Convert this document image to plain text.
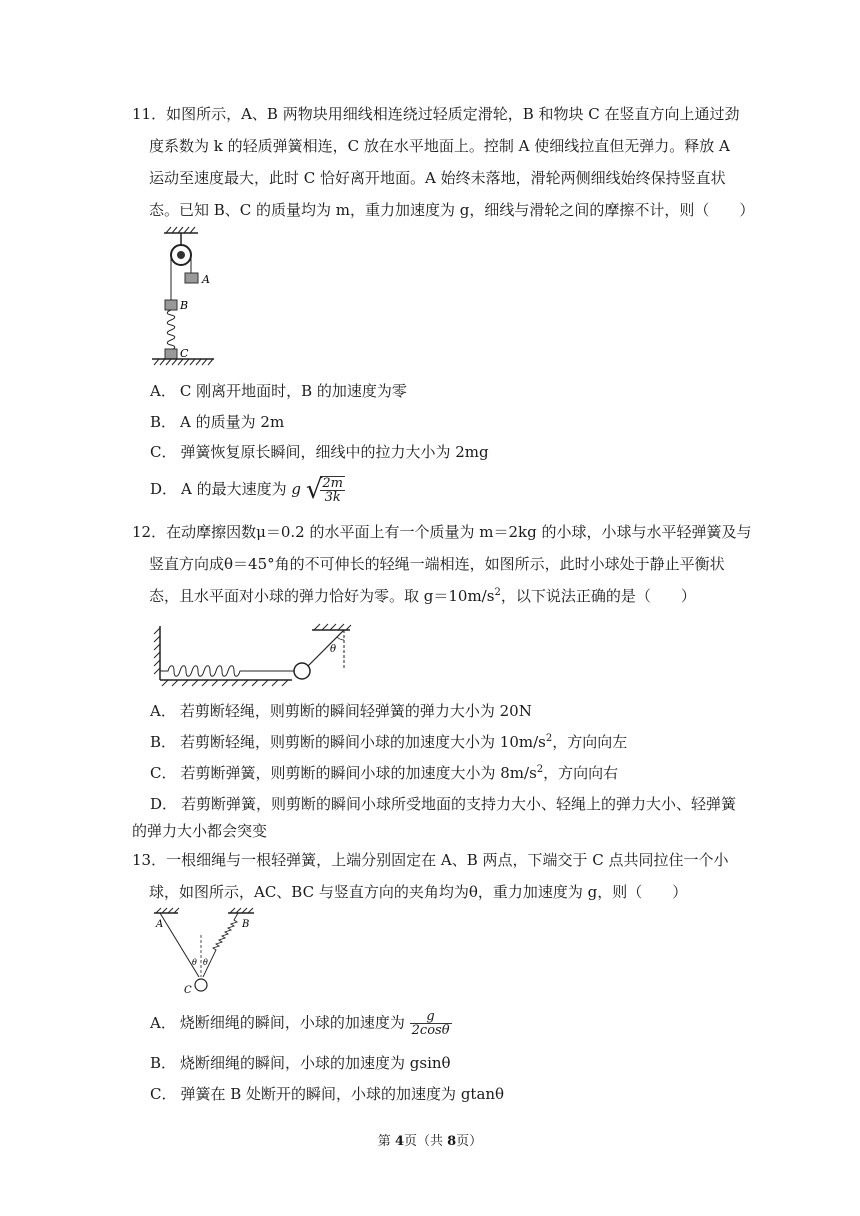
11．如图所示，A、B 两物块用细线相连绕过轻质定滑轮，B 和物块 C 在竖直方向上通过劲
度系数为 k 的轻质弹簧相连，C 放在水平地面上。控制 A 使细线拉直但无弹力。释放 A
运动至速度最大，此时 C 恰好离开地面。A 始终未落地，滑轮两侧细线始终保持竖直状
态。已知 B、C 的质量均为 m，重力加速度为 g，细线与滑轮之间的摩擦不计，则（　　）
A
B
C
A． C 刚离开地面时，B 的加速度为零
B． A 的质量为 2m
C． 弹簧恢复原长瞬间，细线中的拉力大小为 2mg
D． A 的最大速度为 g √
$\frac{2m}{3k}$
12．在动摩擦因数μ＝0.2 的水平面上有一个质量为 m＝2kg 的小球，小球与水平轻弹簧及与
竖直方向成θ＝45°角的不可伸长的轻绳一端相连，如图所示，此时小球处于静止平衡状
态，且水平面对小球的弹力恰好为零。取 $g=10m/s^2$，以下说法正确的是（　　）
θ
A． 若剪断轻绳，则剪断的瞬间轻弹簧的弹力大小为 20N
B． 若剪断轻绳，则剪断的瞬间小球的加速度大小为 $10m/s^2$，方向向左
C． 若剪断弹簧，则剪断的瞬间小球的加速度大小为 $8m/s^2$，方向向右
D． 若剪断弹簧，则剪断的瞬间小球所受地面的支持力大小、轻绳上的弹力大小、轻弹簧
的弹力大小都会突变
13．一根细绳与一根轻弹簧，上端分别固定在 A、B 两点，下端交于 C 点共同拉住一个小
球，如图所示，AC、BC 与竖直方向的夹角均为θ，重力加速度为 g，则（　　）
A	B
θ θ
C
A． 烧断细绳的瞬间，小球的加速度为 $\frac{g}{2\cos\theta}$
B． 烧断细绳的瞬间，小球的加速度为 gsinθ
C． 弹簧在 B 处断开的瞬间，小球的加速度为 gtanθ
第 4页（共 8页）
